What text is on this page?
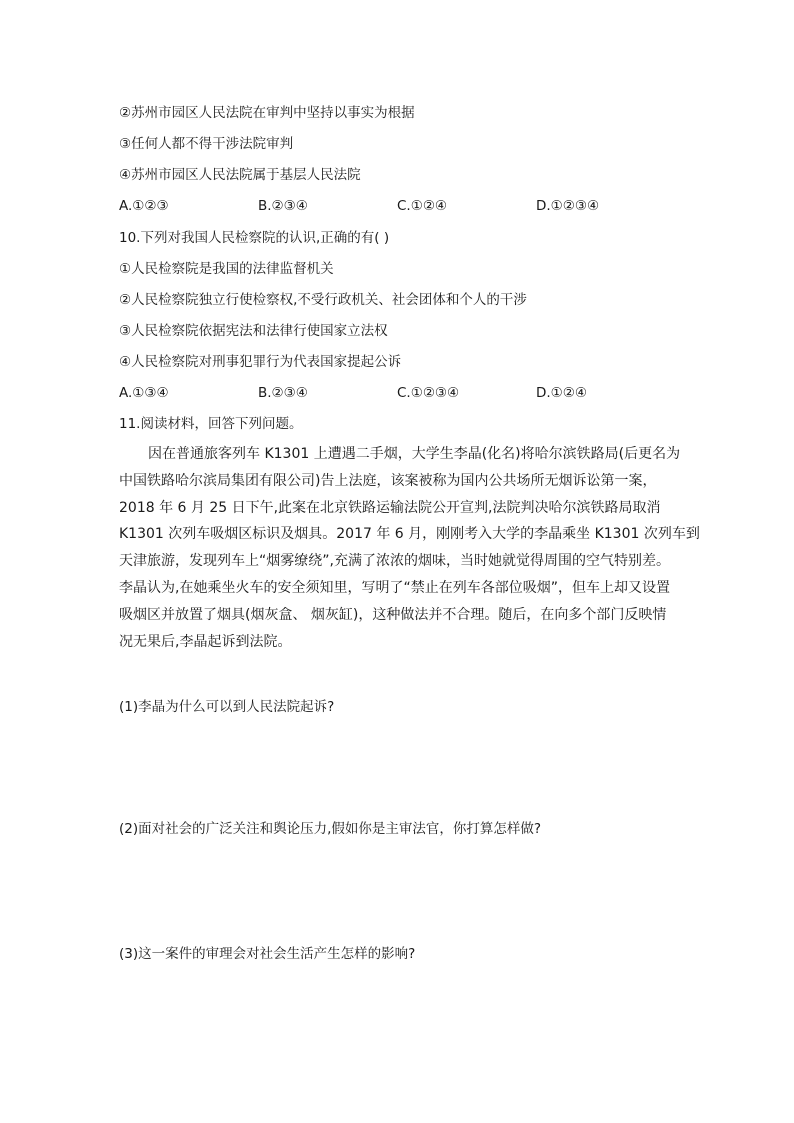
②苏州市园区人民法院在审判中坚持以事实为根据
③任何人都不得干涉法院审判
④苏州市园区人民法院属于基层人民法院
A.①②③	B.②③④	C.①②④	D.①②③④
10.下列对我国人民检察院的认识,正确的有( )
①人民检察院是我国的法律监督机关
②人民检察院独立行使检察权,不受行政机关、社会团体和个人的干涉
③人民检察院依据宪法和法律行使国家立法权
④人民检察院对刑事犯罪行为代表国家提起公诉
A.①③④	B.②③④	C.①②③④	D.①②④
11.阅读材料，回答下列问题。

因在普通旅客列车 K1301 上遭遇二手烟，大学生李晶(化名)将哈尔滨铁路局(后更名为

中国铁路哈尔滨局集团有限公司)告上法庭，该案被称为国内公共场所无烟诉讼第一案，

2018 年 6 月 25 日下午,此案在北京铁路运输法院公开宣判,法院判决哈尔滨铁路局取消

K1301 次列车吸烟区标识及烟具。2017 年 6 月，刚刚考入大学的李晶乘坐 K1301 次列车到

天津旅游，发现列车上“烟雾缭绕”,充满了浓浓的烟味，当时她就觉得周围的空气特别差。

李晶认为,在她乘坐火车的安全须知里，写明了“禁止在列车各部位吸烟”，但车上却又设置

吸烟区并放置了烟具(烟灰盒、 烟灰缸)，这种做法并不合理。随后，在向多个部门反映情

况无果后,李晶起诉到法院。

(1)李晶为什么可以到人民法院起诉?
(2)面对社会的广泛关注和舆论压力,假如你是主审法官，你打算怎样做?
(3)这一案件的审理会对社会生活产生怎样的影响?
